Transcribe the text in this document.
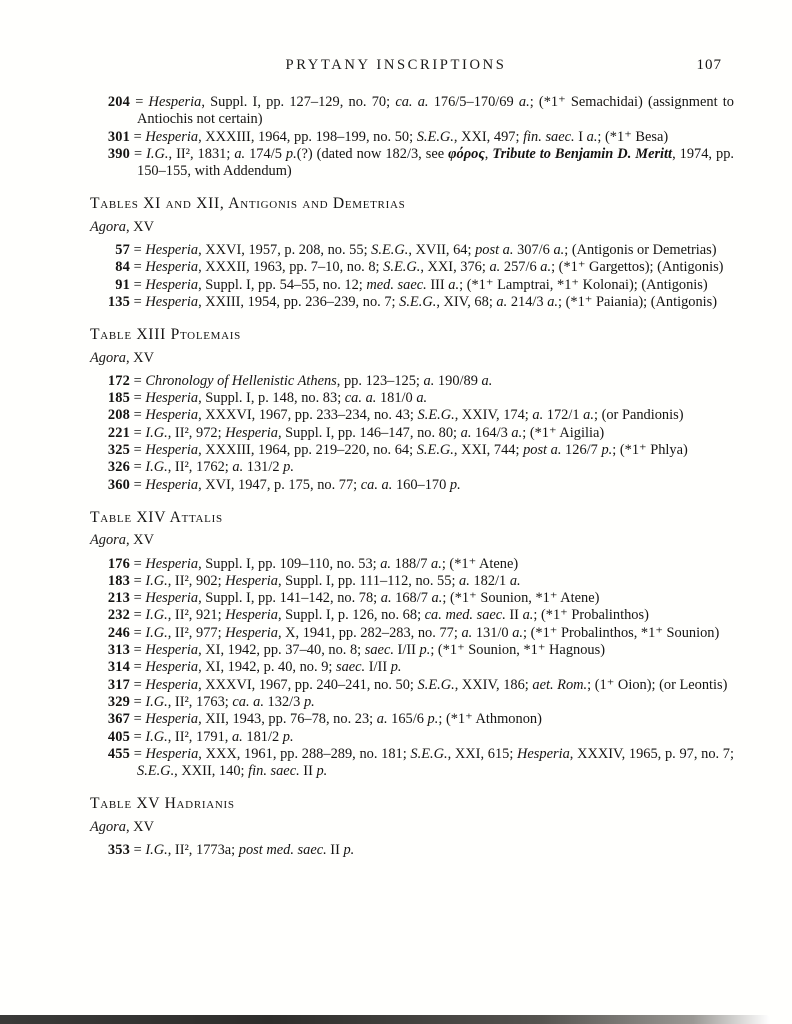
PRYTANY INSCRIPTIONS	107
204 = Hesperia, Suppl. I, pp. 127–129, no. 70; ca. a. 176/5–170/69 a.; (*1⁺ Semachidai) (assignment to Antiochis not certain)
301 = Hesperia, XXXIII, 1964, pp. 198–199, no. 50; S.E.G., XXI, 497; fin. saec. I a.; (*1⁺ Besa)
390 = I.G., II², 1831; a. 174/5 p.(?) (dated now 182/3, see φόρος, Tribute to Benjamin D. Meritt, 1974, pp. 150–155, with Addendum)
Tables XI and XII, Antigonis and Demetrias
Agora, XV
57 = Hesperia, XXVI, 1957, p. 208, no. 55; S.E.G., XVII, 64; post a. 307/6 a.; (Antigonis or Demetrias)
84 = Hesperia, XXXII, 1963, pp. 7–10, no. 8; S.E.G., XXI, 376; a. 257/6 a.; (*1⁺ Gargettos); (Antigonis)
91 = Hesperia, Suppl. I, pp. 54–55, no. 12; med. saec. III a.; (*1⁺ Lamptrai, *1⁺ Kolonai); (Antigonis)
135 = Hesperia, XXIII, 1954, pp. 236–239, no. 7; S.E.G., XIV, 68; a. 214/3 a.; (*1⁺ Paiania); (Antigonis)
Table XIII Ptolemais
Agora, XV
172 = Chronology of Hellenistic Athens, pp. 123–125; a. 190/89 a.
185 = Hesperia, Suppl. I, p. 148, no. 83; ca. a. 181/0 a.
208 = Hesperia, XXXVI, 1967, pp. 233–234, no. 43; S.E.G., XXIV, 174; a. 172/1 a.; (or Pandionis)
221 = I.G., II², 972; Hesperia, Suppl. I, pp. 146–147, no. 80; a. 164/3 a.; (*1⁺ Aigilia)
325 = Hesperia, XXXIII, 1964, pp. 219–220, no. 64; S.E.G., XXI, 744; post a. 126/7 p.; (*1⁺ Phlya)
326 = I.G., II², 1762; a. 131/2 p.
360 = Hesperia, XVI, 1947, p. 175, no. 77; ca. a. 160–170 p.
Table XIV Attalis
Agora, XV
176 = Hesperia, Suppl. I, pp. 109–110, no. 53; a. 188/7 a.; (*1⁺ Atene)
183 = I.G., II², 902; Hesperia, Suppl. I, pp. 111–112, no. 55; a. 182/1 a.
213 = Hesperia, Suppl. I, pp. 141–142, no. 78; a. 168/7 a.; (*1⁺ Sounion, *1⁺ Atene)
232 = I.G., II², 921; Hesperia, Suppl. I, p. 126, no. 68; ca. med. saec. II a.; (*1⁺ Probalinthos)
246 = I.G., II², 977; Hesperia, X, 1941, pp. 282–283, no. 77; a. 131/0 a.; (*1⁺ Probalinthos, *1⁺ Sounion)
313 = Hesperia, XI, 1942, pp. 37–40, no. 8; saec. I/II p.; (*1⁺ Sounion, *1⁺ Hagnous)
314 = Hesperia, XI, 1942, p. 40, no. 9; saec. I/II p.
317 = Hesperia, XXXVI, 1967, pp. 240–241, no. 50; S.E.G., XXIV, 186; aet. Rom.; (1⁺ Oion); (or Leontis)
329 = I.G., II², 1763; ca. a. 132/3 p.
367 = Hesperia, XII, 1943, pp. 76–78, no. 23; a. 165/6 p.; (*1⁺ Athmonon)
405 = I.G., II², 1791, a. 181/2 p.
455 = Hesperia, XXX, 1961, pp. 288–289, no. 181; S.E.G., XXI, 615; Hesperia, XXXIV, 1965, p. 97, no. 7; S.E.G., XXII, 140; fin. saec. II p.
Table XV Hadrianis
Agora, XV
353 = I.G., II², 1773a; post med. saec. II p.
